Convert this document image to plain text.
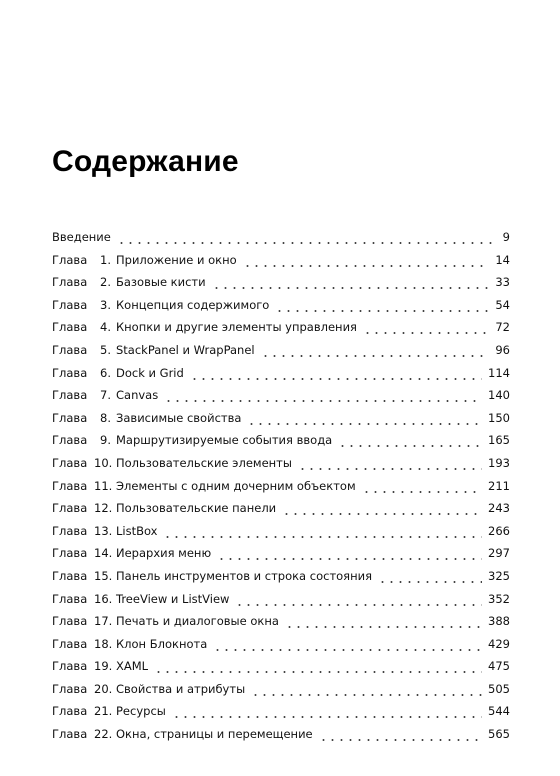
Содержание
Введение	9
Глава 1. Приложение и окно	14
Глава 2. Базовые кисти	33
Глава 3. Концепция содержимого	54
Глава 4. Кнопки и другие элементы управления	72
Глава 5. StackPanel и WrapPanel	96
Глава 6. Dock и Grid	114
Глава 7. Canvas	140
Глава 8. Зависимые свойства	150
Глава 9. Маршрутизируемые события ввода	165
Глава 10. Пользовательские элементы	193
Глава 11. Элементы с одним дочерним объектом	211
Глава 12. Пользовательские панели	243
Глава 13. ListBox	266
Глава 14. Иерархия меню	297
Глава 15. Панель инструментов и строка состояния	325
Глава 16. TreeView и ListView	352
Глава 17. Печать и диалоговые окна	388
Глава 18. Клон Блокнота	429
Глава 19. XAML	475
Глава 20. Свойства и атрибуты	505
Глава 21. Ресурсы	544
Глава 22. Окна, страницы и перемещение	565
